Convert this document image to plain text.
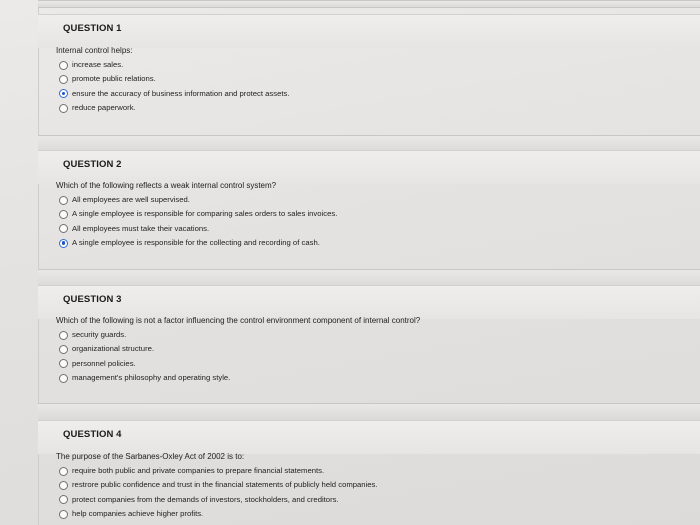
QUESTION 1
Internal control helps:
increase sales.
promote public relations.
ensure the accuracy of business information and protect assets.
reduce paperwork.
QUESTION 2
Which of the following reflects a weak internal control system?
All employees are well supervised.
A single employee is responsible for comparing sales orders to sales invoices.
All employees must take their vacations.
A single employee is responsible for the collecting and recording of cash.
QUESTION 3
Which of the following is not a factor influencing the control environment component of internal control?
security guards.
organizational structure.
personnel policies.
management's philosophy and operating style.
QUESTION 4
The purpose of the Sarbanes-Oxley Act of 2002 is to:
require both public and private companies to prepare financial statements.
restrore public confidence and trust in the financial statements of publicly held companies.
protect companies from the demands of investors, stockholders, and creditors.
help companies achieve higher profits.
